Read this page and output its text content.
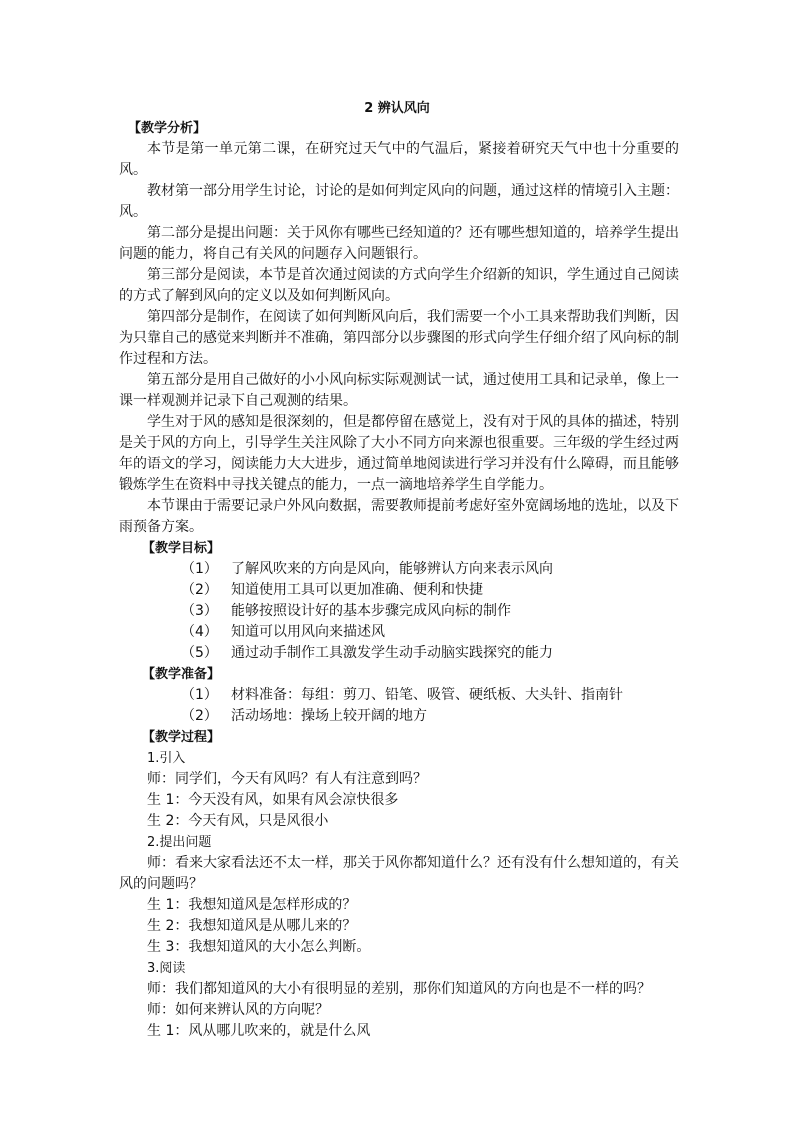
2 辨认风向

【教学分析】

本节是第一单元第二课，在研究过天气中的气温后，紧接着研究天气中也十分重要的风。

教材第一部分用学生讨论，讨论的是如何判定风向的问题，通过这样的情境引入主题：风。

第二部分是提出问题：关于风你有哪些已经知道的？还有哪些想知道的，培养学生提出问题的能力，将自己有关风的问题存入问题银行。

第三部分是阅读，本节是首次通过阅读的方式向学生介绍新的知识，学生通过自己阅读的方式了解到风向的定义以及如何判断风向。

第四部分是制作，在阅读了如何判断风向后，我们需要一个小工具来帮助我们判断，因为只靠自己的感觉来判断并不准确，第四部分以步骤图的形式向学生仔细介绍了风向标的制作过程和方法。

第五部分是用自己做好的小小风向标实际观测试一试，通过使用工具和记录单，像上一课一样观测并记录下自己观测的结果。

学生对于风的感知是很深刻的，但是都停留在感觉上，没有对于风的具体的描述，特别是关于风的方向上，引导学生关注风除了大小不同方向来源也很重要。三年级的学生经过两年的语文的学习，阅读能力大大进步，通过简单地阅读进行学习并没有什么障碍，而且能够锻炼学生在资料中寻找关键点的能力，一点一滴地培养学生自学能力。

本节课由于需要记录户外风向数据，需要教师提前考虑好室外宽阔场地的选址，以及下雨预备方案。

【教学目标】

（1） 了解风吹来的方向是风向，能够辨认方向来表示风向
（2） 知道使用工具可以更加准确、便利和快捷
（3） 能够按照设计好的基本步骤完成风向标的制作
（4） 知道可以用风向来描述风
（5） 通过动手制作工具激发学生动手动脑实践探究的能力

【教学准备】

（1） 材料准备：每组：剪刀、铅笔、吸管、硬纸板、大头针、指南针
（2） 活动场地：操场上较开阔的地方

【教学过程】

1.引入

师：同学们，今天有风吗？有人有注意到吗？

生 1：今天没有风，如果有风会凉快很多

生 2：今天有风，只是风很小

2.提出问题

师：看来大家看法还不太一样，那关于风你都知道什么？还有没有什么想知道的，有关风的问题吗？

生 1：我想知道风是怎样形成的？

生 2：我想知道风是从哪儿来的？

生 3：我想知道风的大小怎么判断。

3.阅读

师：我们都知道风的大小有很明显的差别，那你们知道风的方向也是不一样的吗？

师：如何来辨认风的方向呢？

生 1：风从哪儿吹来的，就是什么风
